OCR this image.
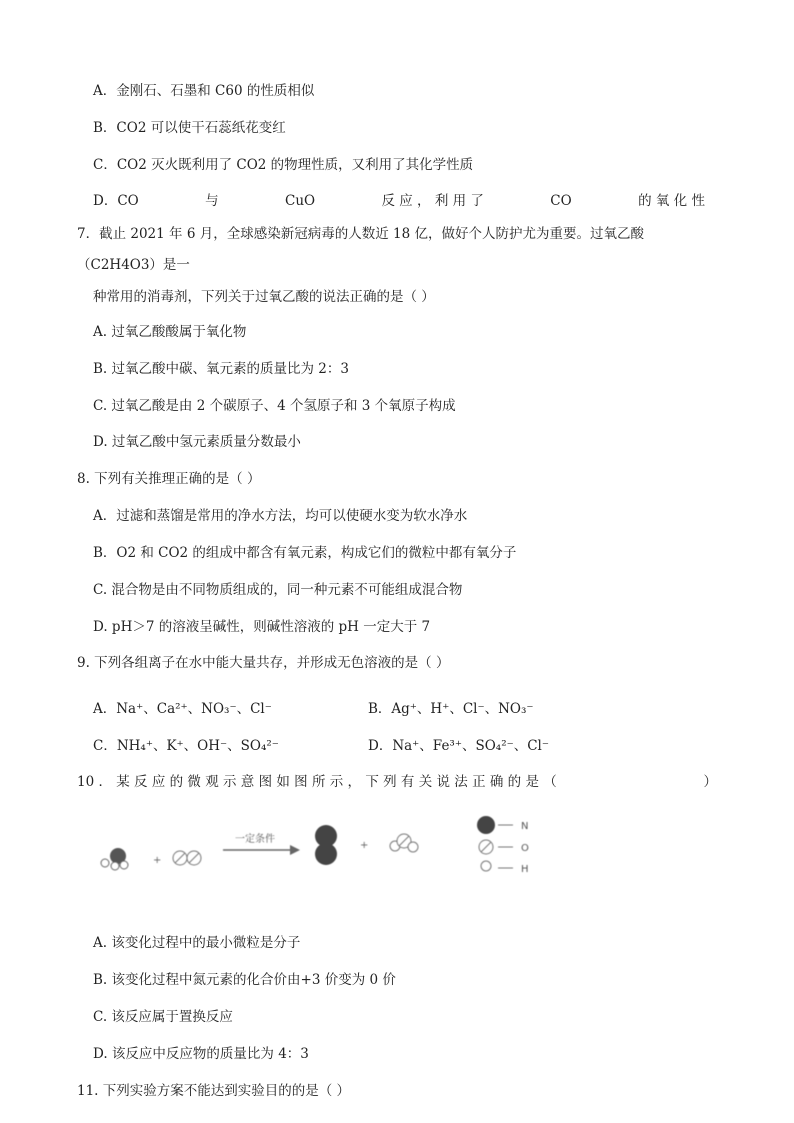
A．金刚石、石墨和 C60 的性质相似
B．CO2 可以使干石蕊纸花变红
C．CO2 灭火既利用了 CO2 的物理性质，又利用了其化学性质
D．CO	与	CuO	反 应 ， 利 用 了	CO	的 氧 化 性
7．截止 2021 年 6 月，全球感染新冠病毒的人数近 18 亿，做好个人防护尤为重要。过氧乙酸
（C2H4O3）是一
种常用的消毒剂，下列关于过氧乙酸的说法正确的是（ ）
A. 过氧乙酸酸属于氧化物
B. 过氧乙酸中碳、氧元素的质量比为 2：3
C. 过氧乙酸是由 2 个碳原子、4 个氢原子和 3 个氧原子构成
D. 过氧乙酸中氢元素质量分数最小
8. 下列有关推理正确的是（ ）
A．过滤和蒸馏是常用的净水方法，均可以使硬水变为软水净水
B．O2 和 CO2 的组成中都含有氧元素，构成它们的微粒中都有氧分子
C. 混合物是由不同物质组成的，同一种元素不可能组成混合物
D. pH＞7 的溶液呈碱性，则碱性溶液的 pH 一定大于 7
9. 下列各组离子在水中能大量共存，并形成无色溶液的是（ ）
A．Na⁺、Ca²⁺、NO₃⁻、Cl⁻	B．Ag⁺、H⁺、Cl⁻、NO₃⁻
C．NH₄⁺、K⁺、OH⁻、SO₄²⁻	D．Na⁺、Fe³⁺、SO₄²⁻、Cl⁻
10 ． 某 反 应 的 微 观 示 意 图 如 图 所 示 ， 下 列 有 关 说 法 正 确 的 是 （	）
+
一定条件
+
N
O
H
A. 该变化过程中的最小微粒是分子
B. 该变化过程中氮元素的化合价由+3 价变为 0 价
C. 该反应属于置换反应
D. 该反应中反应物的质量比为 4：3
11. 下列实验方案不能达到实验目的的是（ ）
